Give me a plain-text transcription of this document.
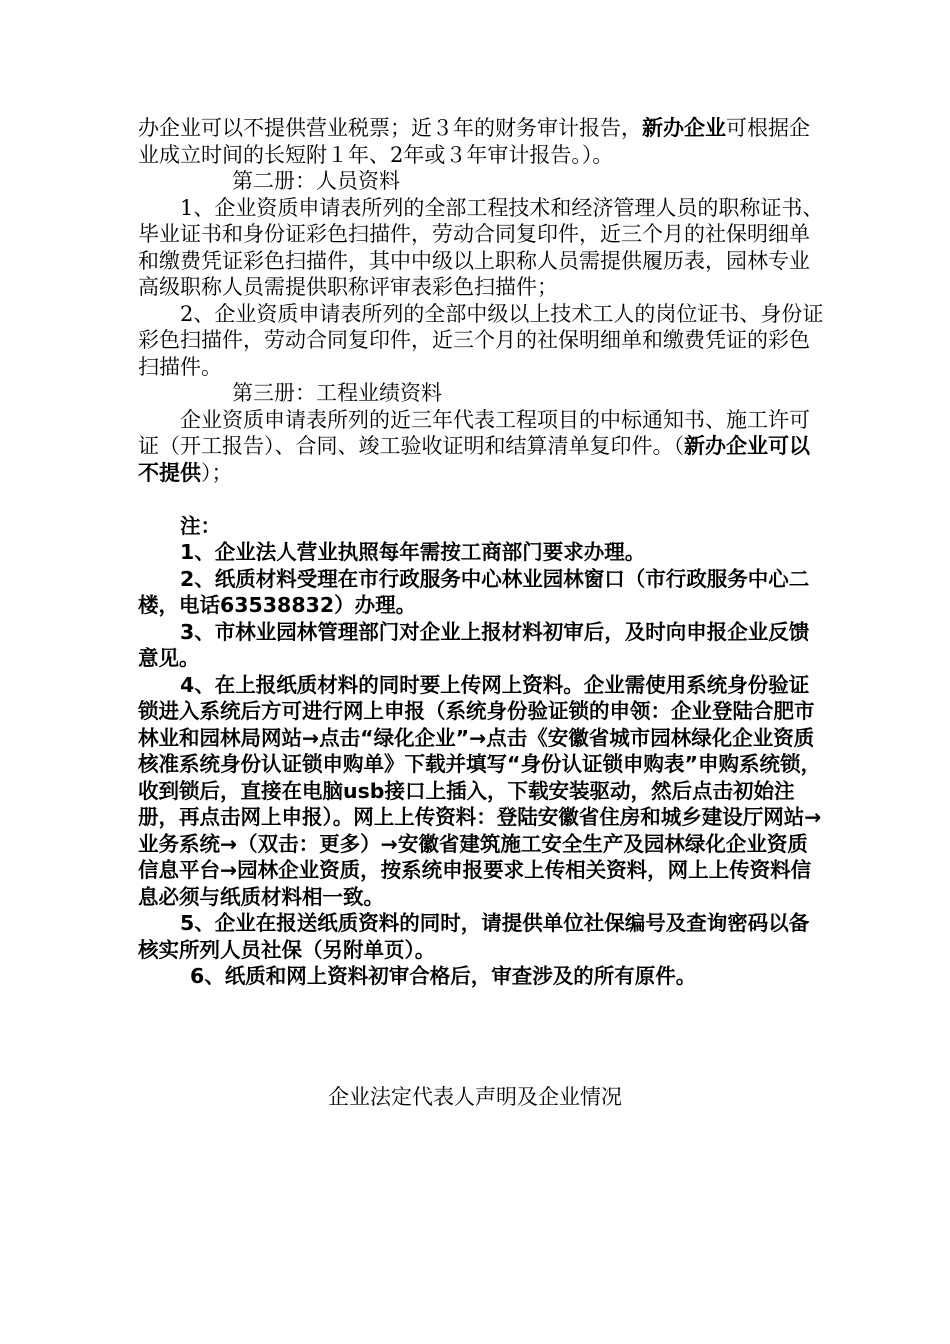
办企业可以不提供营业税票；近３年的财务审计报告，新办企业可根据企业成立时间的长短附１年、2年或３年审计报告。）。

第二册：人员资料

1、企业资质申请表所列的全部工程技术和经济管理人员的职称证书、毕业证书和身份证彩色扫描件，劳动合同复印件，近三个月的社保明细单和缴费凭证彩色扫描件，其中中级以上职称人员需提供履历表，园林专业高级职称人员需提供职称评审表彩色扫描件；

2、企业资质申请表所列的全部中级以上技术工人的岗位证书、身份证彩色扫描件，劳动合同复印件，近三个月的社保明细单和缴费凭证的彩色扫描件。

第三册：工程业绩资料

企业资质申请表所列的近三年代表工程项目的中标通知书、施工许可证（开工报告）、合同、竣工验收证明和结算清单复印件。（新办企业可以不提供）；

注：

1、企业法人营业执照每年需按工商部门要求办理。

2、纸质材料受理在市行政服务中心林业园林窗口（市行政服务中心二楼，电话63538832）办理。

3、市林业园林管理部门对企业上报材料初审后，及时向申报企业反馈意见。

4、在上报纸质材料的同时要上传网上资料。企业需使用系统身份验证锁进入系统后方可进行网上申报（系统身份验证锁的申领：企业登陆合肥市林业和园林局网站→点击“绿化企业”→点击《安徽省城市园林绿化企业资质核准系统身份认证锁申购单》下载并填写“身份认证锁申购表”申购系统锁，收到锁后，直接在电脑usb接口上插入，下载安装驱动，然后点击初始注册，再点击网上申报）。网上上传资料：登陆安徽省住房和城乡建设厅网站→业务系统→（双击：更多）→安徽省建筑施工安全生产及园林绿化企业资质信息平台→园林企业资质，按系统申报要求上传相关资料，网上上传资料信息必须与纸质材料相一致。

5、企业在报送纸质资料的同时，请提供单位社保编号及查询密码以备核实所列人员社保（另附单页）。

6、纸质和网上资料初审合格后，审查涉及的所有原件。

企业法定代表人声明及企业情况
